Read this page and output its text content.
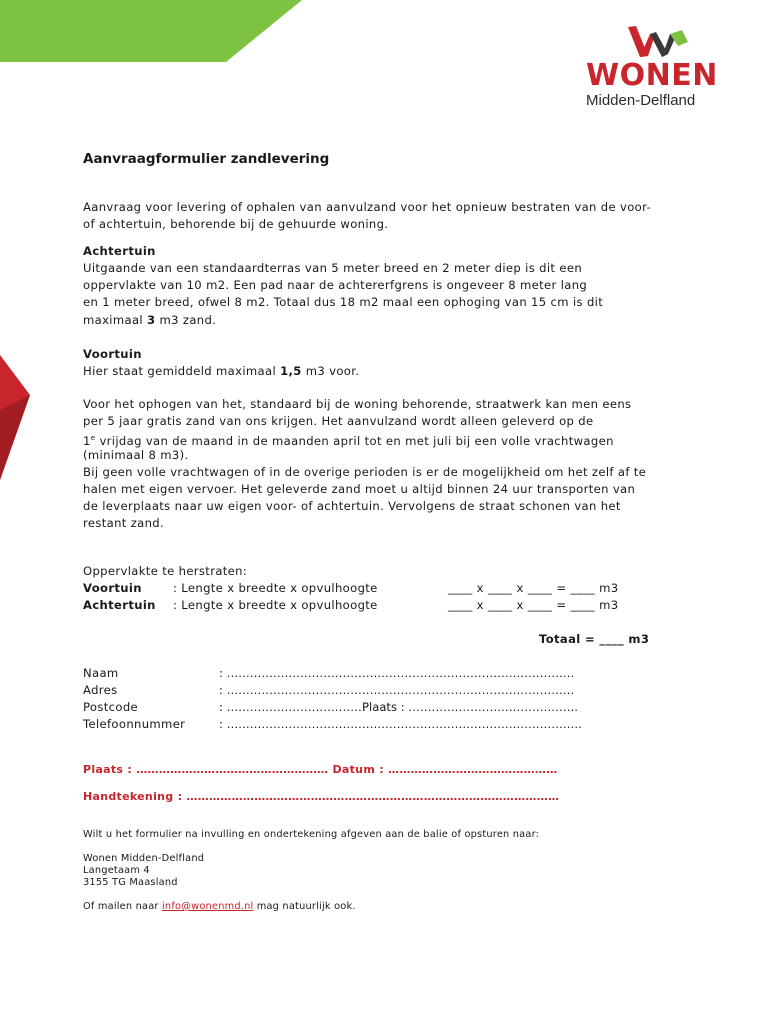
WONEN
Midden-Delfland
Aanvraagformulier zandlevering
Aanvraag voor levering of ophalen van aanvulzand voor het opnieuw bestraten van de voor-
of achtertuin, behorende bij de gehuurde woning.
Achtertuin
Uitgaande van een standaardterras van 5 meter breed en 2 meter diep is dit een
oppervlakte van 10 m2. Een pad naar de achtererfgrens is ongeveer 8 meter lang
en 1 meter breed, ofwel 8 m2. Totaal dus 18 m2 maal een ophoging van 15 cm is dit
maximaal 3 m3 zand.
Voortuin
Hier staat gemiddeld maximaal 1,5 m3 voor.
Voor het ophogen van het, standaard bij de woning behorende, straatwerk kan men eens
per 5 jaar gratis zand van ons krijgen. Het aanvulzand wordt alleen geleverd op de
1e vrijdag van de maand in de maanden april tot en met juli bij een volle vrachtwagen
(minimaal 8 m3).
Bij geen volle vrachtwagen of in de overige perioden is er de mogelijkheid om het zelf af te
halen met eigen vervoer. Het geleverde zand moet u altijd binnen 24 uur transporten van
de leverplaats naar uw eigen voor- of achtertuin. Vervolgens de straat schonen van het
restant zand.
Oppervlakte te herstraten:
Voortuin	: Lengte x breedte x opvulhoogte	____ x ____ x ____ = ____ m3
Achtertuin : Lengte x breedte x opvulhoogte	____ x ____ x ____ = ____ m3
Totaal = ____ m3
Naam	: ………………………………………………………………………………
Adres	: ………………………………………………………………………………
Postcode	: ………………………………
Plaats : ……………………………………..
Telefoonnummer	: ………………………………………………………………………………..
Plaats : …………………………………………… Datum : ………………………………………
Handtekening : ………………………………………………………………………………………
Wilt u het formulier na invulling en ondertekening afgeven aan de balie of opsturen naar:
Wonen Midden-Delfland
Langetaam 4
3155 TG Maasland
Of mailen naar info@wonenmd.nl mag natuurlijk ook.
